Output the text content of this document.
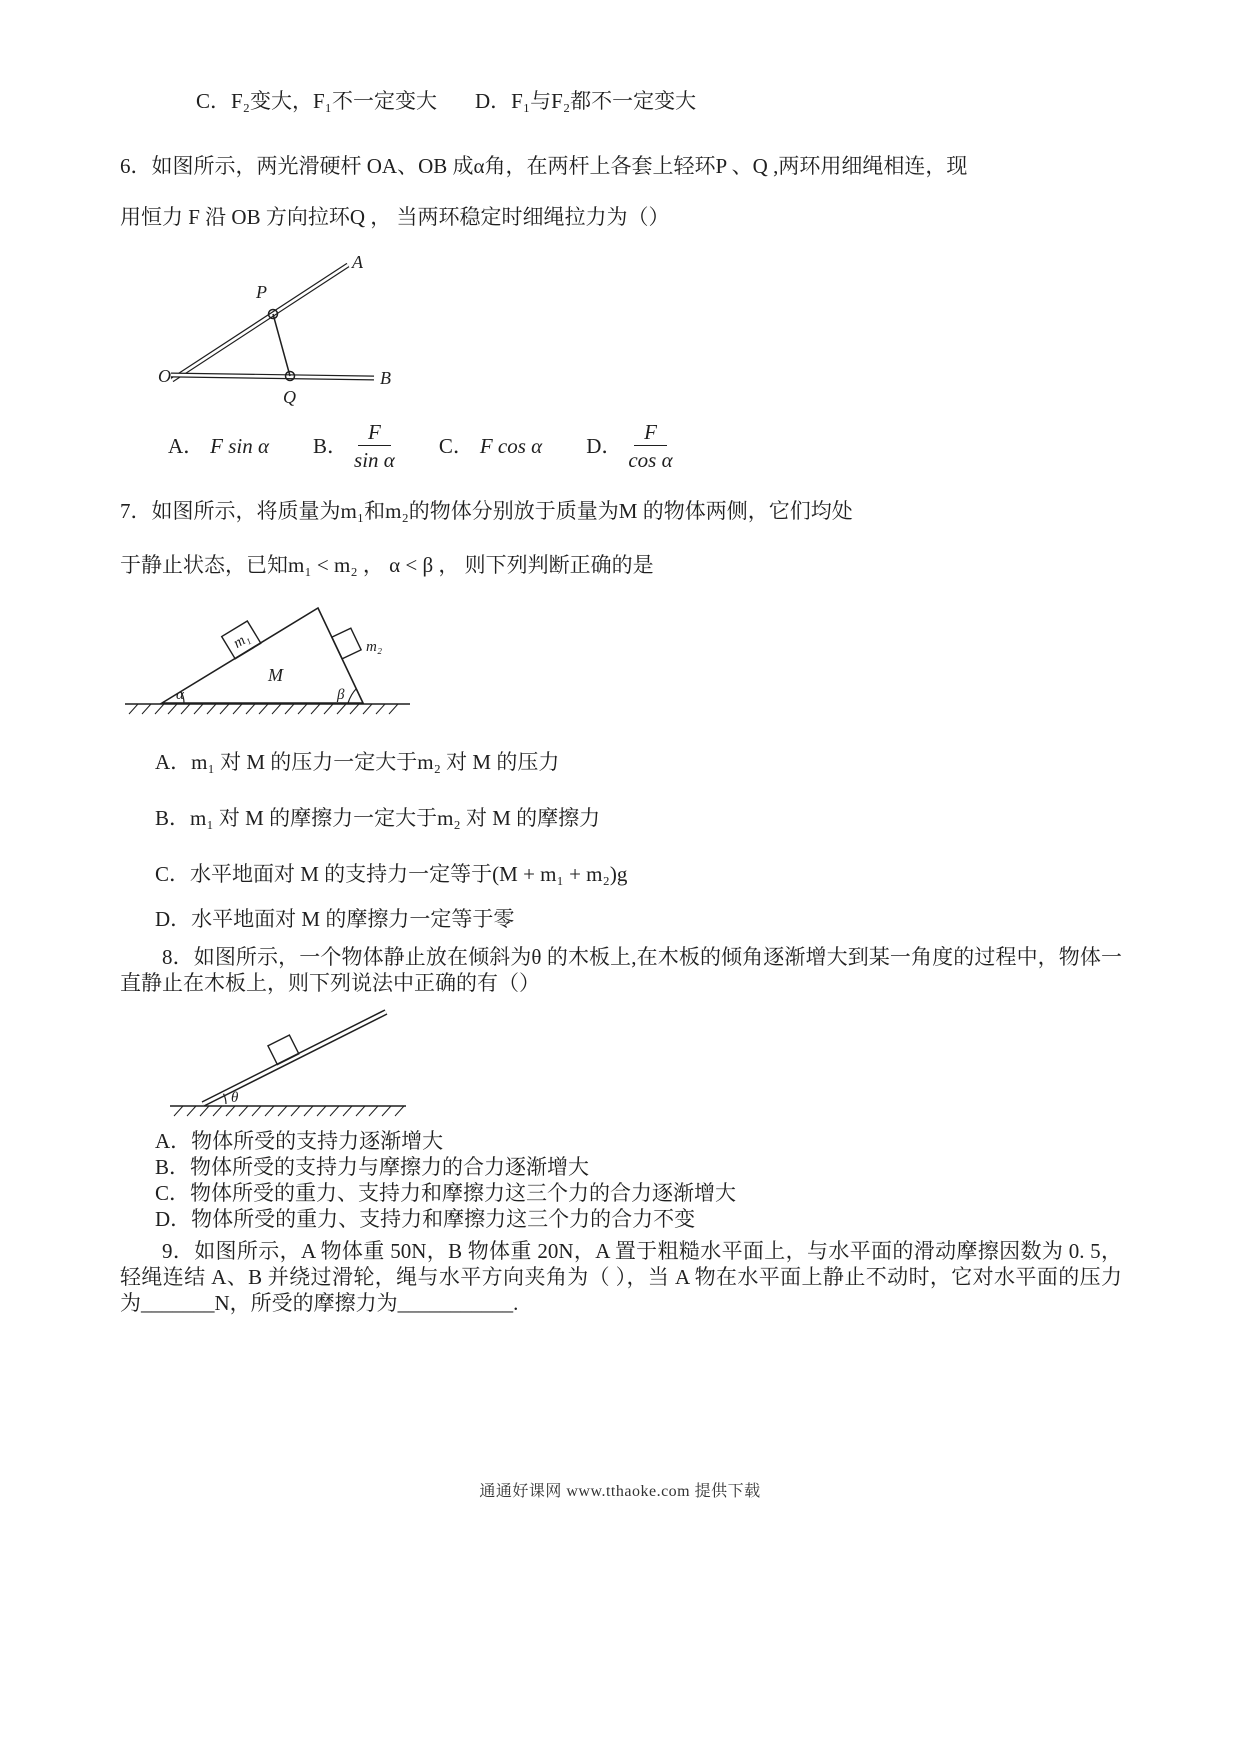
C．F₂变大，F₁不一定变大 D．F₁与F₂都不一定变大

6．如图所示，两光滑硬杆 OA、OB 成α角，在两杆上各套上轻环P 、Q ,两环用细绳相连，现

用恒力 F 沿 OB 方向拉环Q ， 当两环稳定时细绳拉力为（）

A
P
O	B
Q
A． F sin α B． $\frac{F}{\text{sin α}}$ C． F cos α D． $\frac{F}{\text{cos α}}$

7．如图所示，将质量为m₁和m₂的物体分别放于质量为M 的物体两侧，它们均处

于静止状态，已知m₁ < m₂ ， α < β ， 则下列判断正确的是

m₁	m₂
M
α	β
A．m₁ 对 M 的压力一定大于m₂ 对 M 的压力
B．m₁ 对 M 的摩擦力一定大于m₂ 对 M 的摩擦力
C．水平地面对 M 的支持力一定等于(M + m₁ + m₂)g
D．水平地面对 M 的摩擦力一定等于零

8．如图所示，一个物体静止放在倾斜为θ 的木板上,在木板的倾角逐渐增大到某一角度的过程中，物体一直静止在木板上，则下列说法中正确的有（）

θ
A．物体所受的支持力逐渐增大
B．物体所受的支持力与摩擦力的合力逐渐增大
C．物体所受的重力、支持力和摩擦力这三个力的合力逐渐增大
D．物体所受的重力、支持力和摩擦力这三个力的合力不变

9．如图所示，A 物体重 50N，B 物体重 20N，A 置于粗糙水平面上，与水平面的滑动摩擦因数为 0. 5，轻绳连结 A、B 并绕过滑轮，绳与水平方向夹角为（ ），当 A 物在水平面上静止不动时，它对水平面的压力为_______N，所受的摩擦力为___________.

通通好课网 www.tthaoke.com 提供下载
